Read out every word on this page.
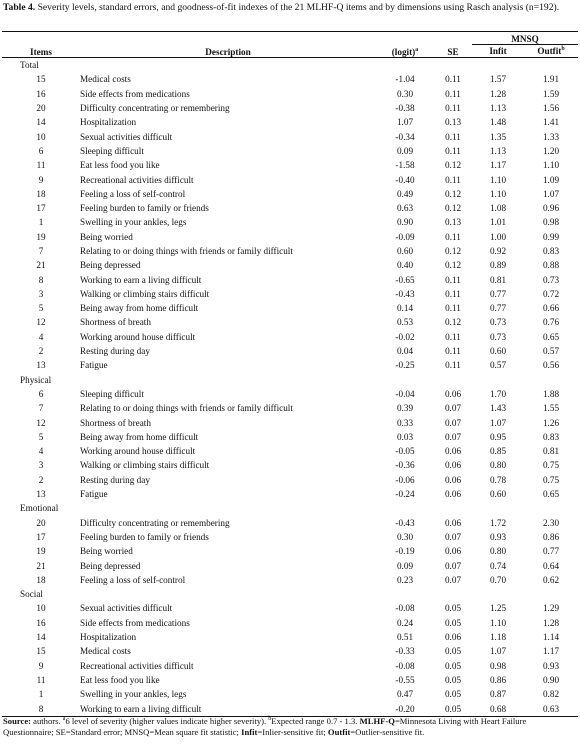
Table 4. Severity levels, standard errors, and goodness-of-fit indexes of the 21 MLHF-Q items and by dimensions using Rasch analysis (n=192).

Items	Description	(logit)$^a$	SE	MNSQ	
				Infit	Outfit$^b$

Total					
15	Medical costs	-1.04	0.11	1.57	1.91
16	Side effects from medications	0.30	0.11	1.28	1.59
20	Difficulty concentrating or remembering	-0.38	0.11	1.13	1.56
14	Hospitalization	1.07	0.13	1.48	1.41
10	Sexual activities difficult	-0.34	0.11	1.35	1.33
6	Sleeping difficult	0.09	0.11	1.13	1.20
11	Eat less food you like	-1.58	0.12	1.17	1.10
9	Recreational activities difficult	-0.40	0.11	1.10	1.09
18	Feeling a loss of self-control	0.49	0.12	1.10	1.07
17	Feeling burden to family or friends	0.63	0.12	1.08	0.96
1	Swelling in your ankles, legs	0.90	0.13	1.01	0.98
19	Being worried	-0.09	0.11	1.00	0.99
7	Relating to or doing things with friends or family difficult	0.60	0.12	0.92	0.83
21	Being depressed	0.40	0.12	0.89	0.88
8	Working to earn a living difficult	-0.65	0.11	0.81	0.73
3	Walking or climbing stairs difficult	-0.43	0.11	0.77	0.72
5	Being away from home difficult	0.14	0.11	0.77	0.66
12	Shortness of breath	0.53	0.12	0.73	0.76
4	Working around house difficult	-0.02	0.11	0.73	0.65
2	Resting during day	0.04	0.11	0.60	0.57
13	Fatigue	-0.25	0.11	0.57	0.56
Physical					
6	Sleeping difficult	-0.04	0.06	1.70	1.88
7	Relating to or doing things with friends or family difficult	0.39	0.07	1.43	1.55
12	Shortness of breath	0.33	0.07	1.07	1.26
5	Being away from home difficult	0.03	0.07	0.95	0.83
4	Working around house difficult	-0.05	0.06	0.85	0.81
3	Walking or climbing stairs difficult	-0.36	0.06	0.80	0.75
2	Resting during day	-0.06	0.06	0.78	0.75
13	Fatigue	-0.24	0.06	0.60	0.65
Emotional					
20	Difficulty concentrating or remembering	-0.43	0.06	1.72	2.30
17	Feeling burden to family or friends	0.30	0.07	0.93	0.86
19	Being worried	-0.19	0.06	0.80	0.77
21	Being depressed	0.09	0.07	0.74	0.64
18	Feeling a loss of self-control	0.23	0.07	0.70	0.62
Social					
10	Sexual activities difficult	-0.08	0.05	1.25	1.29
16	Side effects from medications	0.24	0.05	1.10	1.28
14	Hospitalization	0.51	0.06	1.18	1.14
15	Medical costs	-0.33	0.05	1.07	1.17
9	Recreational activities difficult	-0.08	0.05	0.98	0.93
11	Eat less food you like	-0.55	0.05	0.86	0.90
1	Swelling in your ankles, legs	0.47	0.05	0.87	0.82
8	Working to earn a living difficult	-0.20	0.05	0.68	0.63

Source: authors. $^a$6 level of severity (higher values indicate higher severity). $^b$Expected range 0.7 - 1.3. MLHF-Q=Minnesota Living with Heart Failure Questionnaire; SE=Standard error; MNSQ=Mean square fit statistic; Infit=Inlier-sensitive fit; Outfit=Outlier-sensitive fit.
